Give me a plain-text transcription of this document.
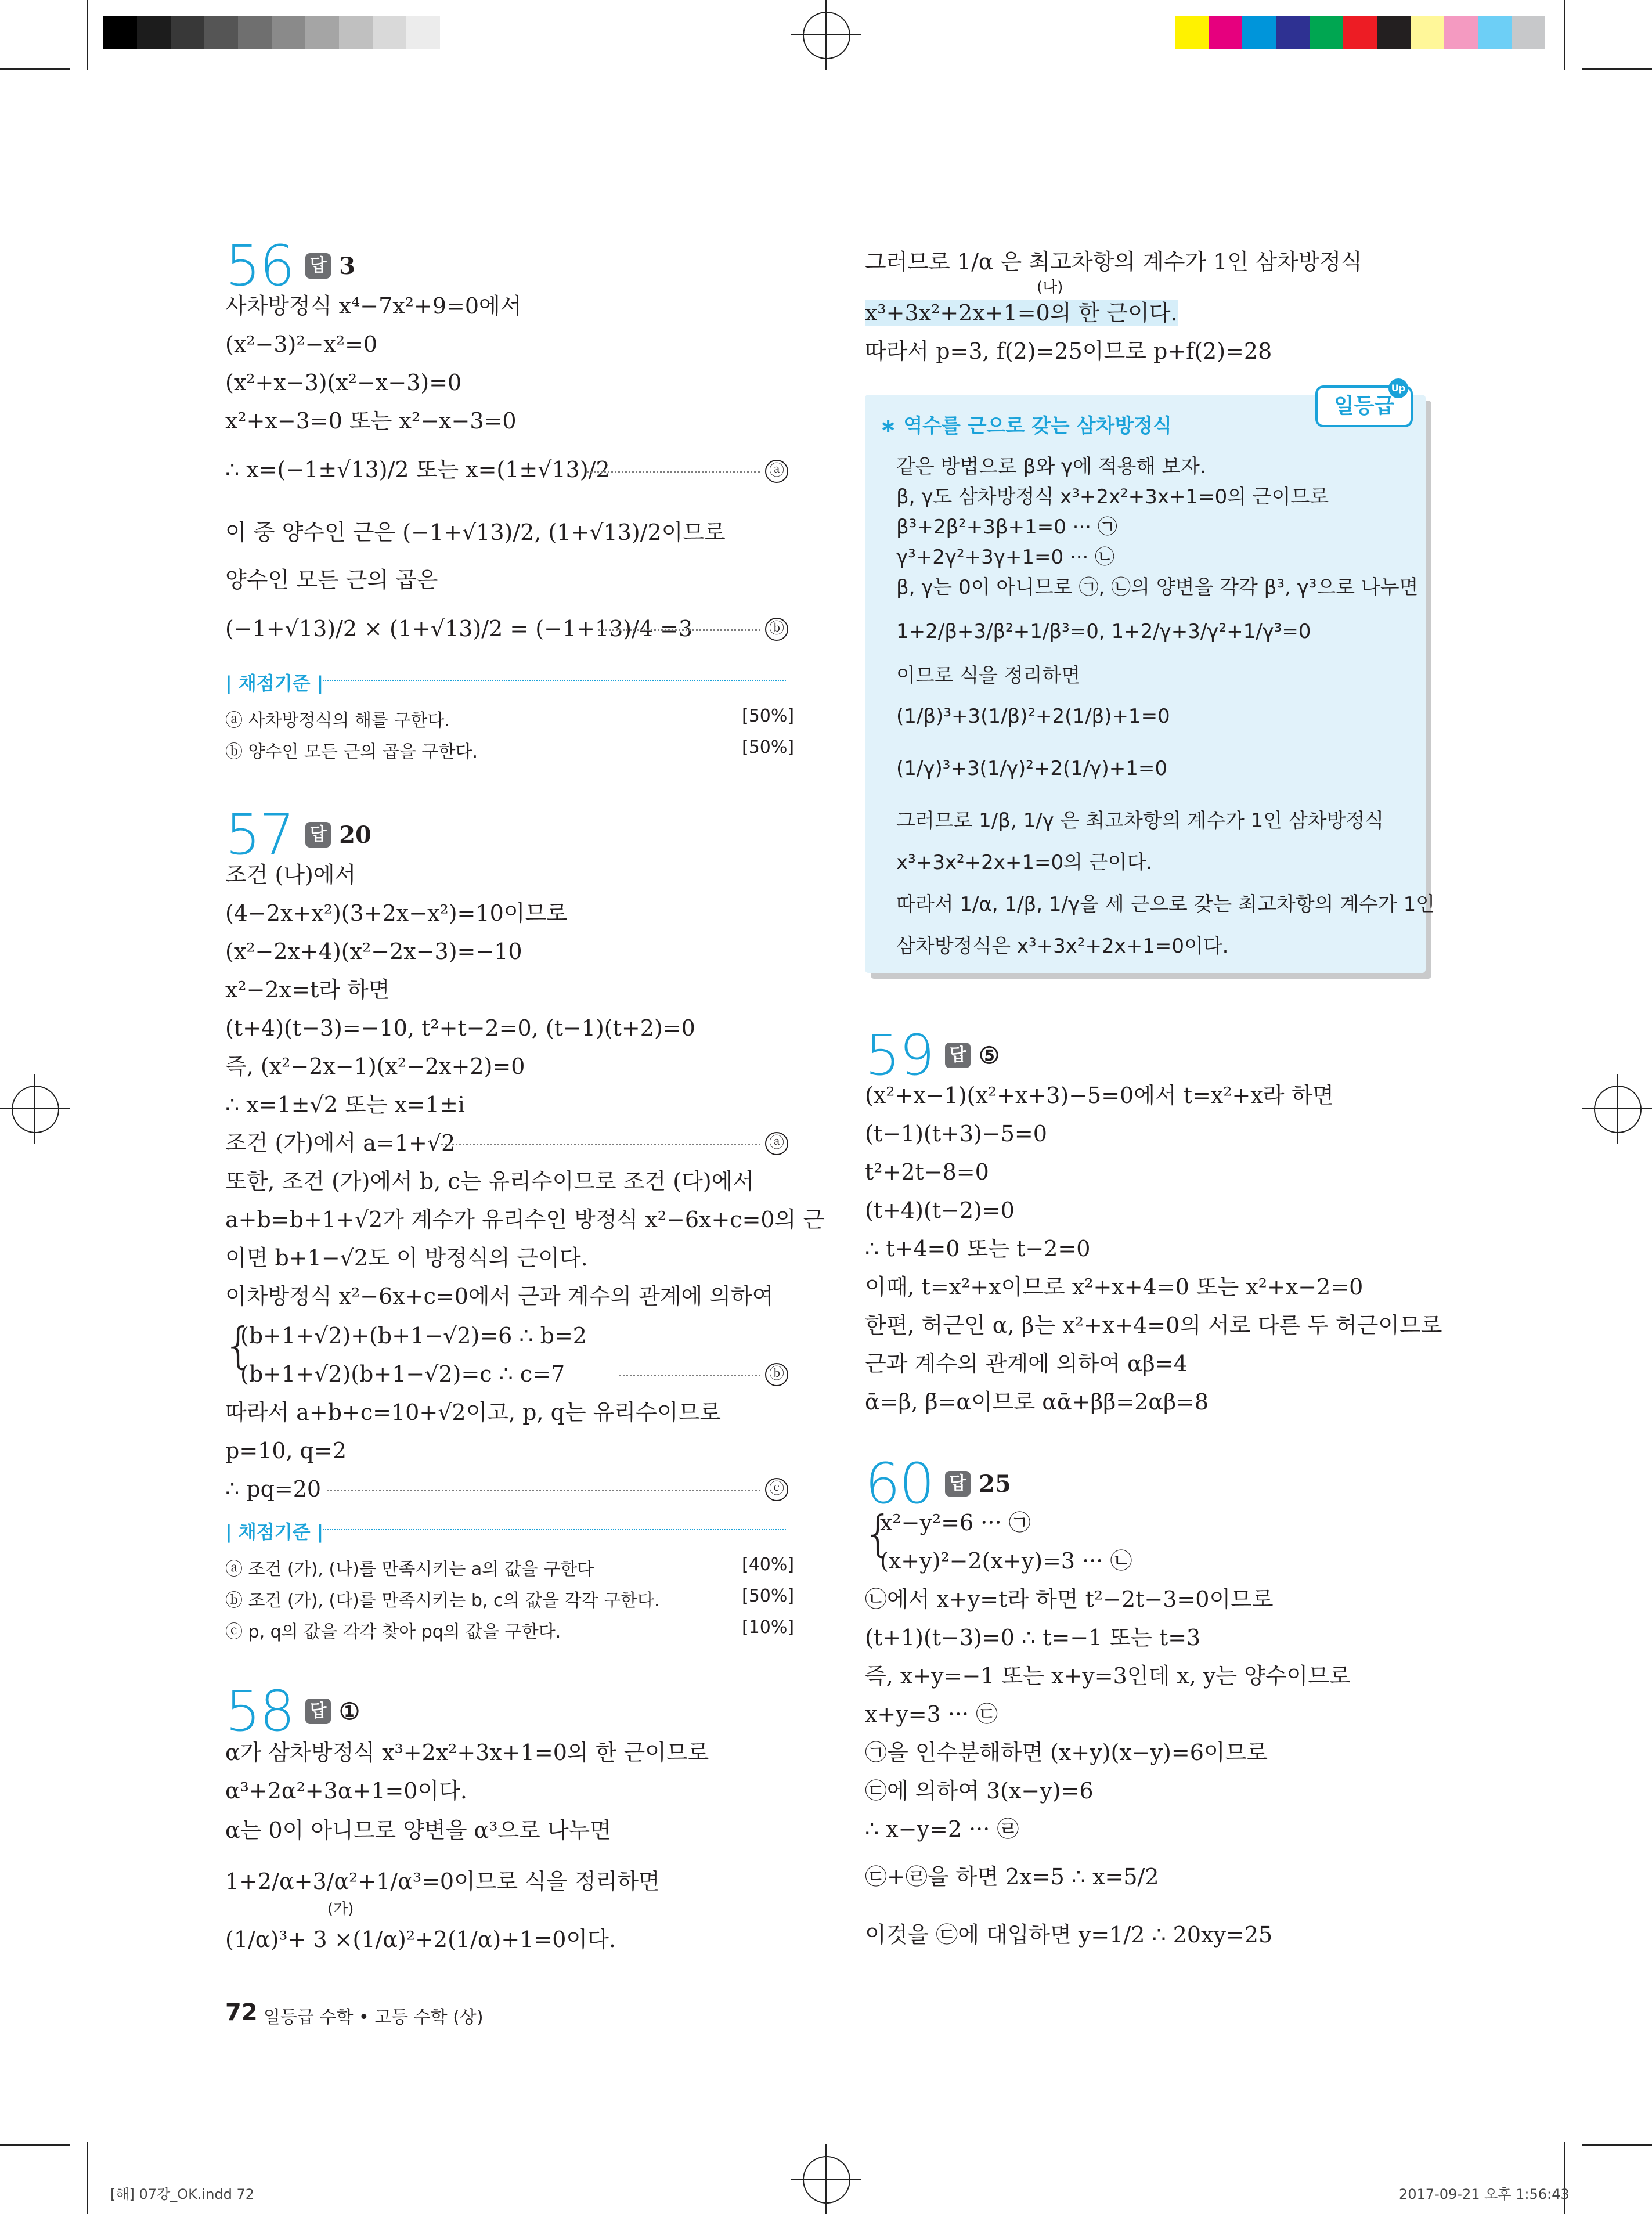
56 답 3
사차방정식 x⁴−7x²+9=0에서
(x²−3)²−x²=0
(x²+x−3)(x²−x−3)=0
x²+x−3=0 또는 x²−x−3=0
∴ x=(−1±√13)/2 또는 x=(1±√13)/2
이 중 양수인 근은 (−1+√13)/2, (1+√13)/2이므로
양수인 모든 근의 곱은
(−1+√13)/2 × (1+√13)/2 = (−1+13)/4 =3
ⓐ
ⓑ
| 채점기준 |
ⓐ 사차방정식의 해를 구한다.	[50%]
ⓑ 양수인 모든 근의 곱을 구한다.	[50%]
57 답 20
조건 (나)에서
(4−2x+x²)(3+2x−x²)=10이므로
(x²−2x+4)(x²−2x−3)=−10
x²−2x=t라 하면
(t+4)(t−3)=−10, t²+t−2=0, (t−1)(t+2)=0
즉, (x²−2x−1)(x²−2x+2)=0
∴ x=1±√2 또는 x=1±i
조건 (가)에서 a=1+√2
또한, 조건 (가)에서 b, c는 유리수이므로 조건 (다)에서
a+b=b+1+√2가 계수가 유리수인 방정식 x²−6x+c=0의 근
이면 b+1−√2도 이 방정식의 근이다.
이차방정식 x²−6x+c=0에서 근과 계수의 관계에 의하여
{
(b+1+√2)+(b+1−√2)=6 ∴ b=2
(b+1+√2)(b+1−√2)=c ∴ c=7
따라서 a+b+c=10+√2이고, p, q는 유리수이므로
p=10, q=2
∴ pq=20
ⓐ
ⓑ
ⓒ
| 채점기준 |
ⓐ 조건 (가), (나)를 만족시키는 a의 값을 구한다	[40%]
ⓑ 조건 (가), (다)를 만족시키는 b, c의 값을 각각 구한다.	[50%]
ⓒ p, q의 값을 각각 찾아 pq의 값을 구한다.	[10%]
58 답 ①
α가 삼차방정식 x³+2x²+3x+1=0의 한 근이므로
α³+2α²+3α+1=0이다.
α는 0이 아니므로 양변을 α³으로 나누면
1+2/α+3/α²+1/α³=0이므로 식을 정리하면
(가)
(1/α)³+ 3 ×(1/α)²+2(1/α)+1=0이다.
그러므로 1/α 은 최고차항의 계수가 1인 삼차방정식
(나)
x³+3x²+2x+1=0의 한 근이다.
따라서 p=3, f(2)=25이므로 p+f(2)=28
일등급
Up
∗ 역수를 근으로 갖는 삼차방정식
같은 방법으로 β와 γ에 적용해 보자.
β, γ도 삼차방정식 x³+2x²+3x+1=0의 근이므로
β³+2β²+3β+1=0 ··· ㉠
γ³+2γ²+3γ+1=0 ··· ㉡
β, γ는 0이 아니므로 ㉠, ㉡의 양변을 각각 β³, γ³으로 나누면
1+2/β+3/β²+1/β³=0, 1+2/γ+3/γ²+1/γ³=0
이므로 식을 정리하면
(1/β)³+3(1/β)²+2(1/β)+1=0
(1/γ)³+3(1/γ)²+2(1/γ)+1=0
그러므로 1/β, 1/γ 은 최고차항의 계수가 1인 삼차방정식
x³+3x²+2x+1=0의 근이다.
따라서 1/α, 1/β, 1/γ을 세 근으로 갖는 최고차항의 계수가 1인
삼차방정식은 x³+3x²+2x+1=0이다.
59 답 ⑤
(x²+x−1)(x²+x+3)−5=0에서 t=x²+x라 하면
(t−1)(t+3)−5=0
t²+2t−8=0
(t+4)(t−2)=0
∴ t+4=0 또는 t−2=0
이때, t=x²+x이므로 x²+x+4=0 또는 x²+x−2=0
한편, 허근인 α, β는 x²+x+4=0의 서로 다른 두 허근이므로
근과 계수의 관계에 의하여 αβ=4
ᾱ=β, β̄=α이므로 αᾱ+ββ̄=2αβ=8
60 답 25
{
x²−y²=6 ··· ㉠
(x+y)²−2(x+y)=3 ··· ㉡
㉡에서 x+y=t라 하면 t²−2t−3=0이므로
(t+1)(t−3)=0 ∴ t=−1 또는 t=3
즉, x+y=−1 또는 x+y=3인데 x, y는 양수이므로
x+y=3 ··· ㉢
㉠을 인수분해하면 (x+y)(x−y)=6이므로
㉢에 의하여 3(x−y)=6
∴ x−y=2 ··· ㉣
㉢+㉣을 하면 2x=5 ∴ x=5/2
이것을 ㉢에 대입하면 y=1/2 ∴ 20xy=25
72 일등급 수학 • 고등 수학 (상)
[해] 07강_OK.indd 72	2017-09-21 오후 1:56:43
